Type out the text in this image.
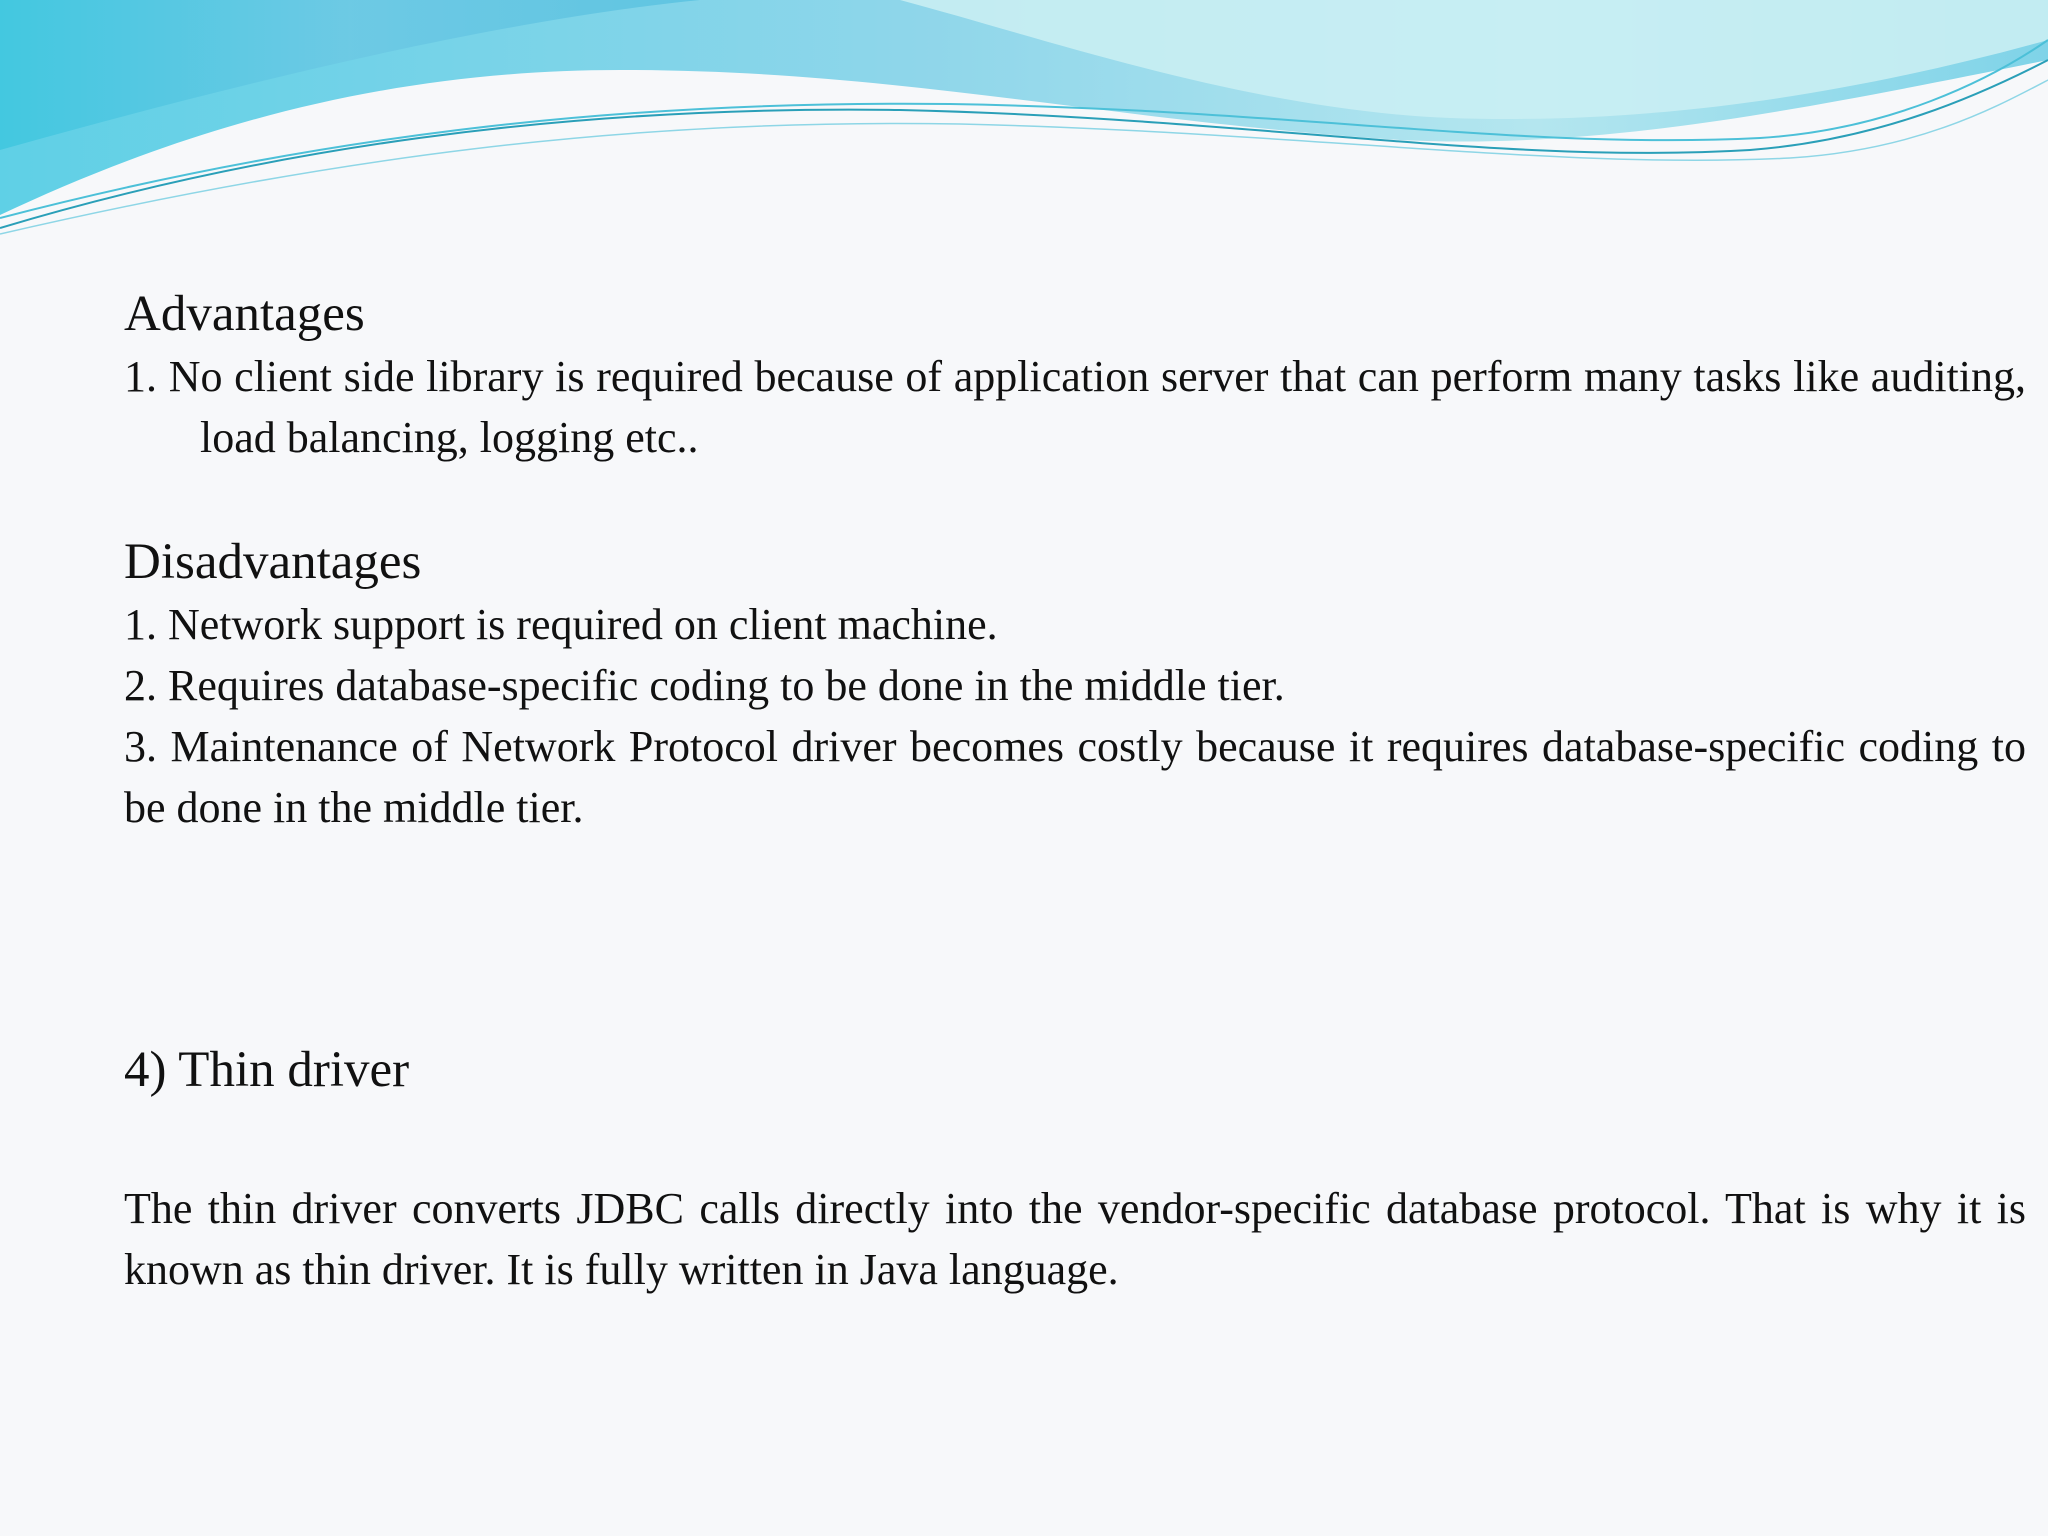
Advantages
1. No client side library is required because of application server that can perform many tasks like auditing, load balancing, logging etc..
Disadvantages
1. Network support is required on client machine.
2. Requires database-specific coding to be done in the middle tier.
3. Maintenance of Network Protocol driver becomes costly because it requires database-specific coding to be done in the middle tier.
4) Thin driver

The thin driver converts JDBC calls directly into the vendor-specific database protocol. That is why it is known as thin driver. It is fully written in Java language.
